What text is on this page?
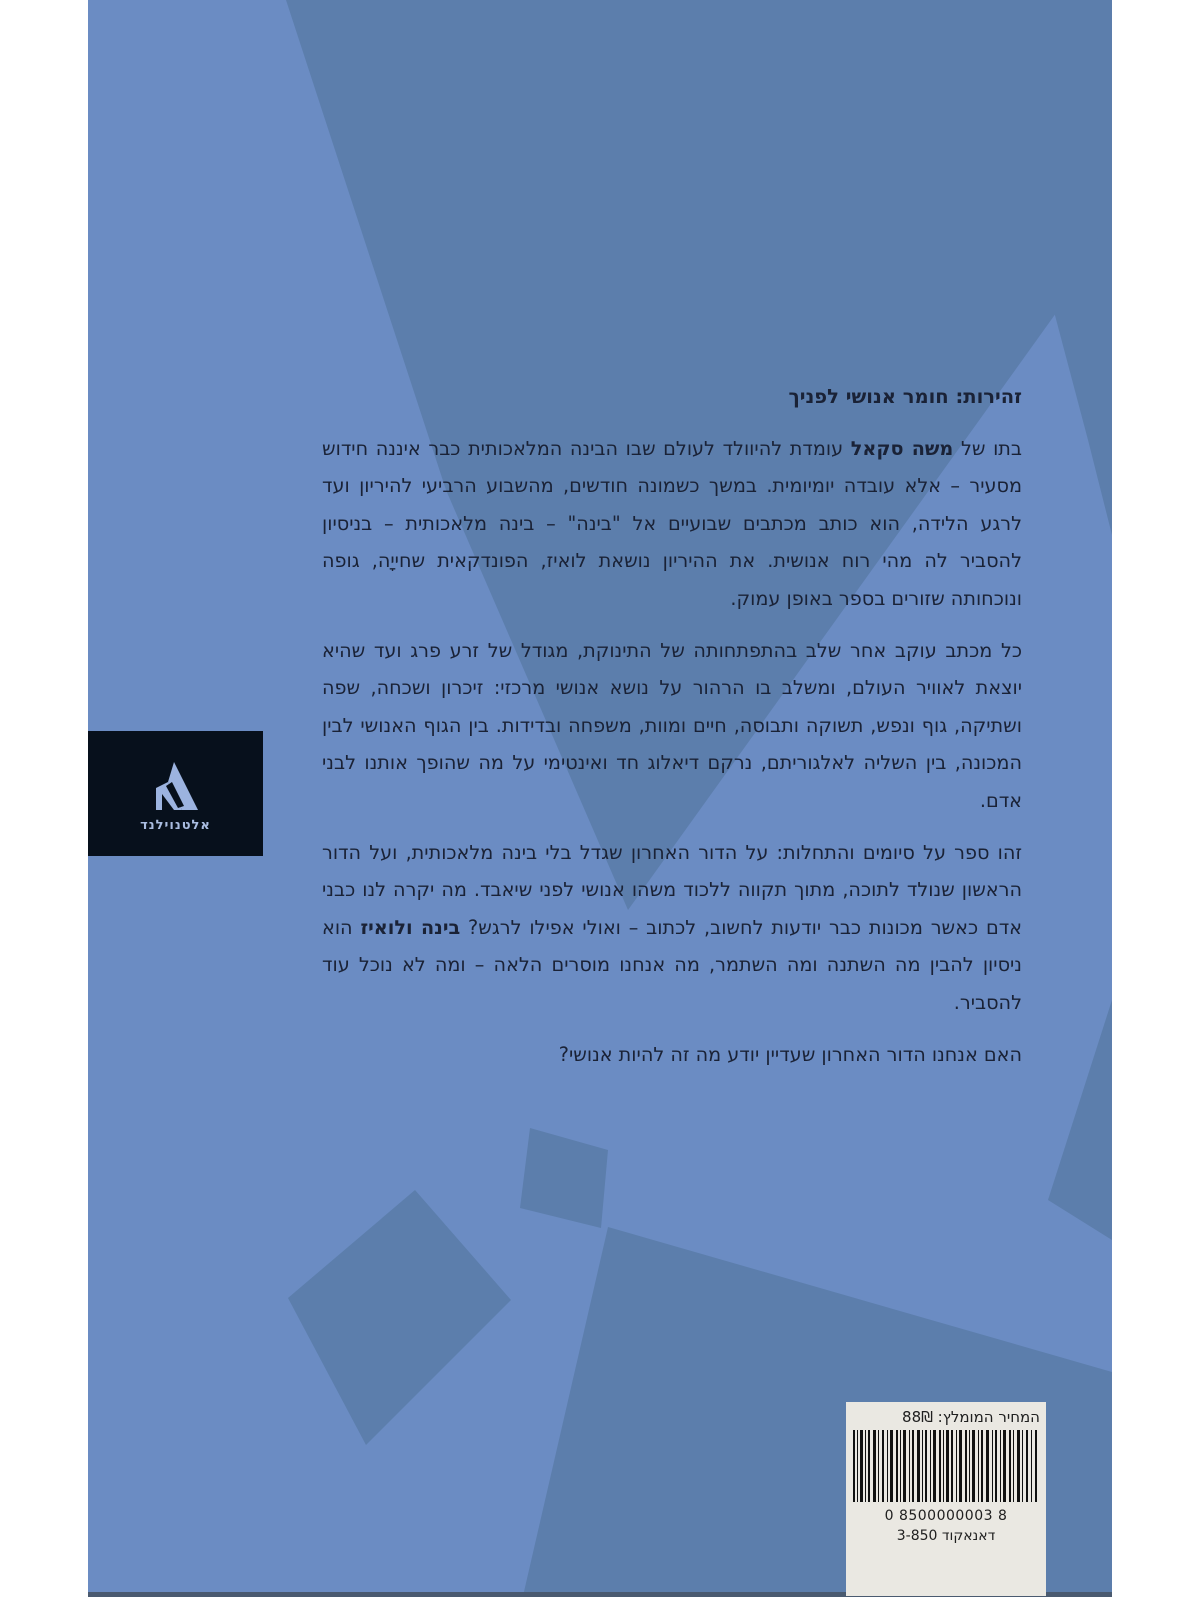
אלטנוילנד

זהירות: חומר אנושי לפניך

בתו של משה סקאל עומדת להיוולד לעולם שבו הבינה המלאכותית כבר איננה חידוש מסעיר – אלא עובדה יומיומית. במשך כשמונה חודשים, מהשבוע הרביעי להיריון ועד לרגע הלידה, הוא כותב מכתבים שבועיים אל "בינה" – בינה מלאכותית – בניסיון להסביר לה מהי רוח אנושית. את ההיריון נושאת לואיז, הפונדקאית שחייָה, גופה ונוכחותה שזורים בספר באופן עמוק.

כל מכתב עוקב אחר שלב בהתפתחותה של התינוקת, מגודל של זרע פרג ועד שהיא יוצאת לאוויר העולם, ומשלב בו הרהור על נושא אנושי מרכזי: זיכרון ושכחה, שפה ושתיקה, גוף ונפש, תשוקה ותבוסה, חיים ומוות, משפחה ובדידות. בין הגוף האנושי לבין המכונה, בין השליה לאלגוריתם, נרקם דיאלוג חד ואינטימי על מה שהופך אותנו לבני אדם.

זהו ספר על סיומים והתחלות: על הדור האחרון שגדל בלי בינה מלאכותית, ועל הדור הראשון שנולד לתוכה, מתוך תקווה ללכוד משהו אנושי לפני שיאבד. מה יקרה לנו כבני אדם כאשר מכונות כבר יודעות לחשוב, לכתוב – ואולי אפילו לרגש? בינה ולואיז הוא ניסיון להבין מה השתנה ומה השתמר, מה אנחנו מוסרים הלאה – ומה לא נוכל עוד להסביר.

האם אנחנו הדור האחרון שעדיין יודע מה זה להיות אנושי?

המחיר המומלץ: 88₪
0 8500000003 8
דאנאקוד 3-850
